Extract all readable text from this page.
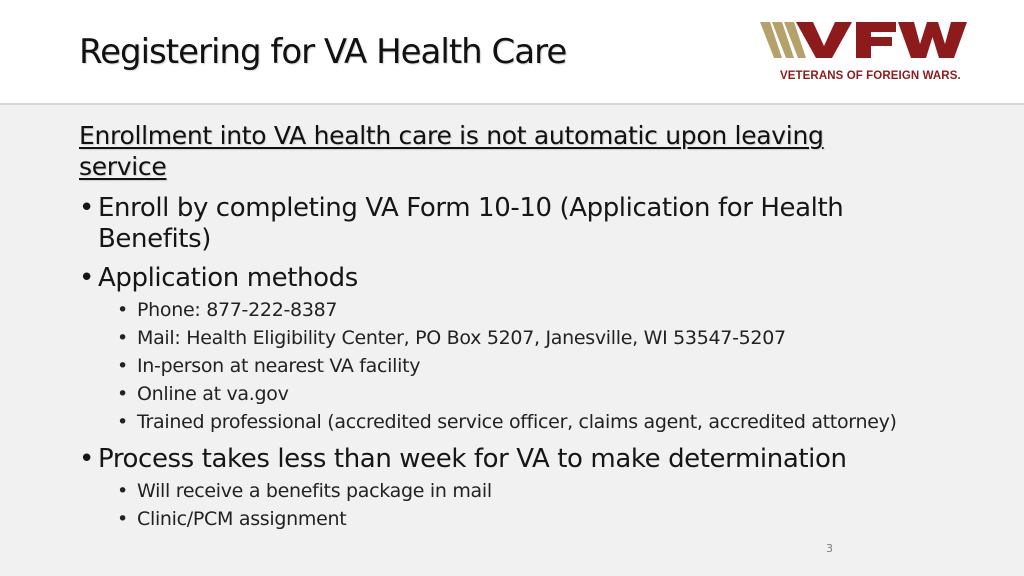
Registering for VA Health Care
VETERANS OF FOREIGN WARS.

Enrollment into VA health care is not automatic upon leaving service

• Enroll by completing VA Form 10-10 (Application for Health Benefits)
• Application methods
• Phone: 877-222-8387
• Mail: Health Eligibility Center, PO Box 5207, Janesville, WI 53547-5207
• In-person at nearest VA facility
• Online at va.gov
• Trained professional (accredited service officer, claims agent, accredited attorney)
• Process takes less than week for VA to make determination
• Will receive a benefits package in mail
• Clinic/PCM assignment
3
